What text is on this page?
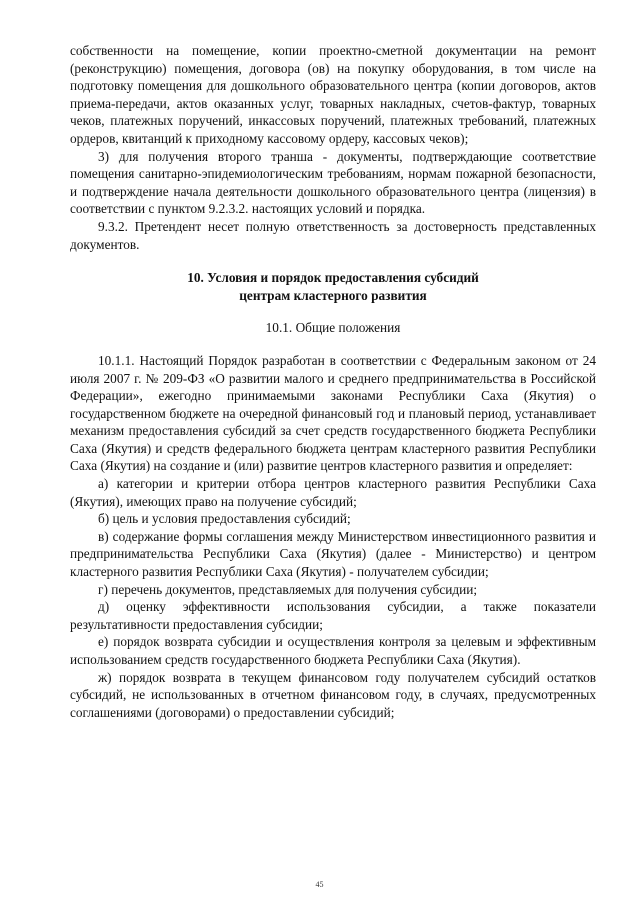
собственности на помещение, копии проектно-сметной документации на ремонт (реконструкцию) помещения, договора (ов) на покупку оборудования, в том числе на подготовку помещения для дошкольного образовательного центра (копии договоров, актов приема-передачи, актов оказанных услуг, товарных накладных, счетов-фактур, товарных чеков, платежных поручений, инкассовых поручений, платежных требований, платежных ордеров, квитанций к приходному кассовому ордеру, кассовых чеков);

3) для получения второго транша - документы, подтверждающие соответствие помещения санитарно-эпидемиологическим требованиям, нормам пожарной безопасности, и подтверждение начала деятельности дошкольного образовательного центра (лицензия) в соответствии с пунктом 9.2.3.2. настоящих условий и порядка.

9.3.2. Претендент несет полную ответственность за достоверность представленных документов.

10. Условия и порядок предоставления субсидий
центрам кластерного развития
10.1. Общие положения

10.1.1. Настоящий Порядок разработан в соответствии с Федеральным законом от 24 июля 2007 г. № 209-ФЗ «О развитии малого и среднего предпринимательства в Российской Федерации», ежегодно принимаемыми законами Республики Саха (Якутия) о государственном бюджете на очередной финансовый год и плановый период, устанавливает механизм предоставления субсидий за счет средств государственного бюджета Республики Саха (Якутия) и средств федерального бюджета центрам кластерного развития Республики Саха (Якутия) на создание и (или) развитие центров кластерного развития и определяет:

а) категории и критерии отбора центров кластерного развития Республики Саха (Якутия), имеющих право на получение субсидий;

б) цель и условия предоставления субсидий;

в) содержание формы соглашения между Министерством инвестиционного развития и предпринимательства Республики Саха (Якутия) (далее - Министерство) и центром кластерного развития Республики Саха (Якутия) - получателем субсидии;

г) перечень документов, представляемых для получения субсидии;

д) оценку эффективности использования субсидии, а также показатели результативности предоставления субсидии;

е) порядок возврата субсидии и осуществления контроля за целевым и эффективным использованием средств государственного бюджета Республики Саха (Якутия).

ж) порядок возврата в текущем финансовом году получателем субсидий остатков субсидий, не использованных в отчетном финансовом году, в случаях, предусмотренных соглашениями (договорами) о предоставлении субсидий;

45
